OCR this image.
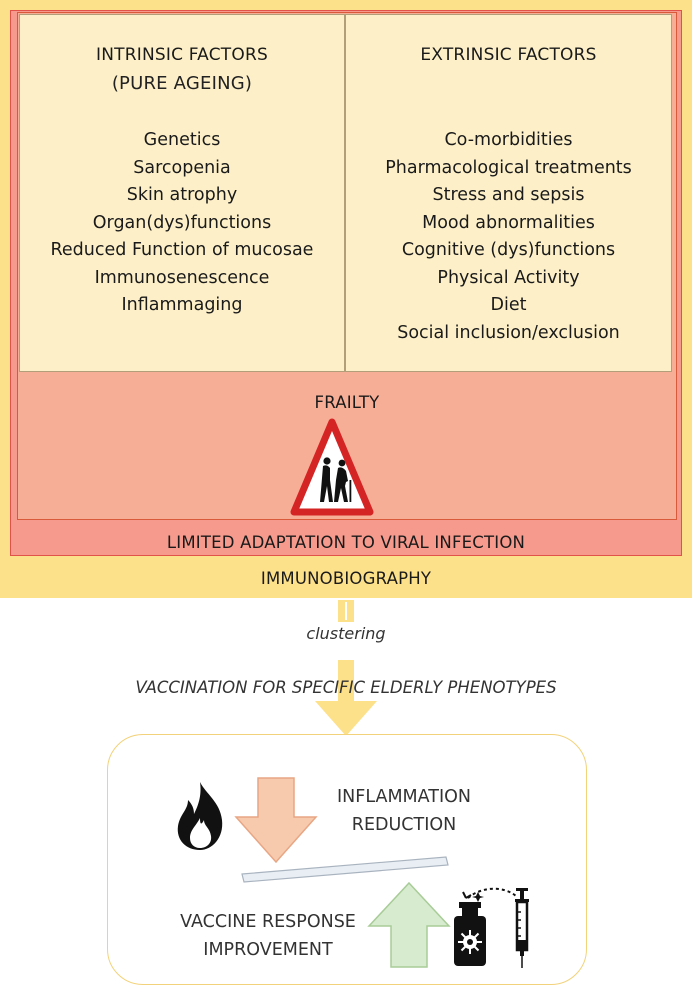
INTRINSIC FACTORS
(PURE AGEING)
Genetics
Sarcopenia
Skin atrophy
Organ(dys)functions
Reduced Function of mucosae
Immunosenescence
Inflammaging
EXTRINSIC FACTORS
Co-morbidities
Pharmacological treatments
Stress and sepsis
Mood abnormalities
Cognitive (dys)functions
Physical Activity
Diet
Social inclusion/exclusion
FRAILTY
LIMITED ADAPTATION TO VIRAL INFECTION
IMMUNOBIOGRAPHY
clustering
VACCINATION FOR SPECIFIC ELDERLY PHENOTYPES
INFLAMMATION
REDUCTION
VACCINE RESPONSE
IMPROVEMENT
